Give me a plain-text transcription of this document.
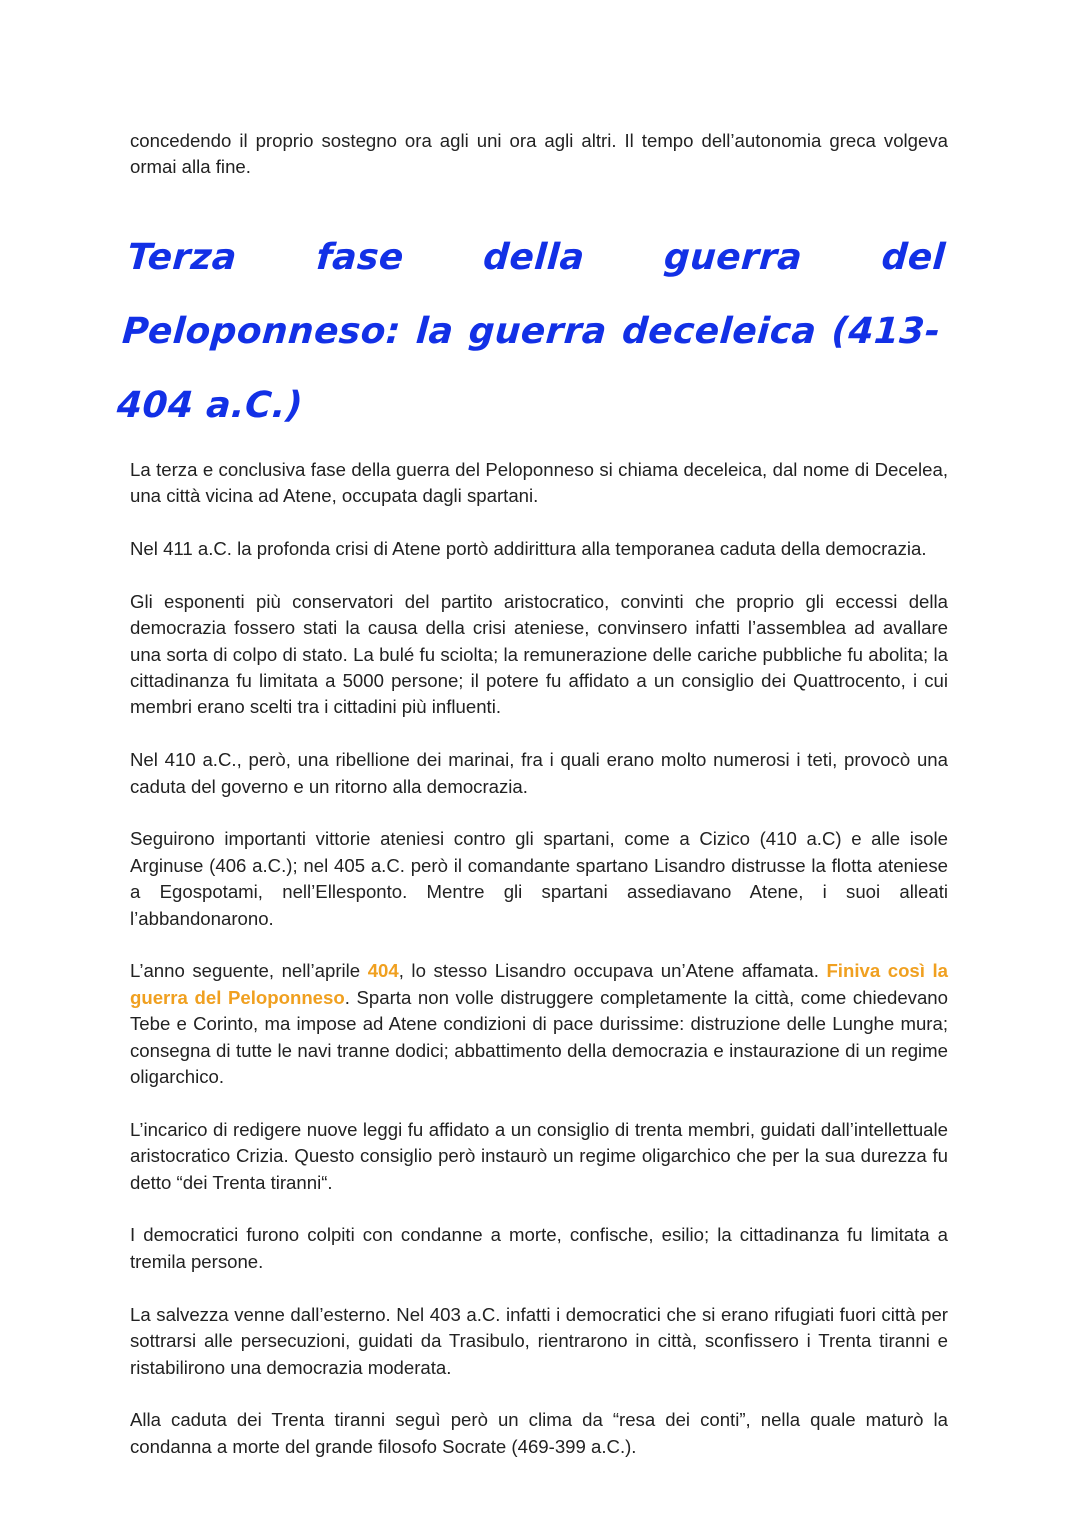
concedendo il proprio sostegno ora agli uni ora agli altri. Il tempo dell’autonomia greca volgeva ormai alla fine.

Terza fase della guerra del Peloponneso: la guerra deceleica (413-404 a.C.)

La terza e conclusiva fase della guerra del Peloponneso si chiama deceleica, dal nome di Decelea, una città vicina ad Atene, occupata dagli spartani.

Nel 411 a.C. la profonda crisi di Atene portò addirittura alla temporanea caduta della democrazia.

Gli esponenti più conservatori del partito aristocratico, convinti che proprio gli eccessi della democrazia fossero stati la causa della crisi ateniese, convinsero infatti l’assemblea ad avallare una sorta di colpo di stato. La bulé fu sciolta; la remunerazione delle cariche pubbliche fu abolita; la cittadinanza fu limitata a 5000 persone; il potere fu affidato a un consiglio dei Quattrocento, i cui membri erano scelti tra i cittadini più influenti.

Nel 410 a.C., però, una ribellione dei marinai, fra i quali erano molto numerosi i teti, provocò una caduta del governo e un ritorno alla democrazia.

Seguirono importanti vittorie ateniesi contro gli spartani, come a Cizico (410 a.C) e alle isole Arginuse (406 a.C.); nel 405 a.C. però il comandante spartano Lisandro distrusse la flotta ateniese a Egospotami, nell’Ellesponto. Mentre gli spartani assediavano Atene, i suoi alleati l’abbandonarono.

L’anno seguente, nell’aprile 404, lo stesso Lisandro occupava un’Atene affamata. Finiva così la guerra del Peloponneso. Sparta non volle distruggere completamente la città, come chiedevano Tebe e Corinto, ma impose ad Atene condizioni di pace durissime: distruzione delle Lunghe mura; consegna di tutte le navi tranne dodici; abbattimento della democrazia e instaurazione di un regime oligarchico.

L’incarico di redigere nuove leggi fu affidato a un consiglio di trenta membri, guidati dall’intellettuale aristocratico Crizia. Questo consiglio però instaurò un regime oligarchico che per la sua durezza fu detto “dei Trenta tiranni“.

I democratici furono colpiti con condanne a morte, confische, esilio; la cittadinanza fu limitata a tremila persone.

La salvezza venne dall’esterno. Nel 403 a.C. infatti i democratici che si erano rifugiati fuori città per sottrarsi alle persecuzioni, guidati da Trasibulo, rientrarono in città, sconfissero i Trenta tiranni e ristabilirono una democrazia moderata.

Alla caduta dei Trenta tiranni seguì però un clima da “resa dei conti”, nella quale maturò la condanna a morte del grande filosofo Socrate (469-399 a.C.).
